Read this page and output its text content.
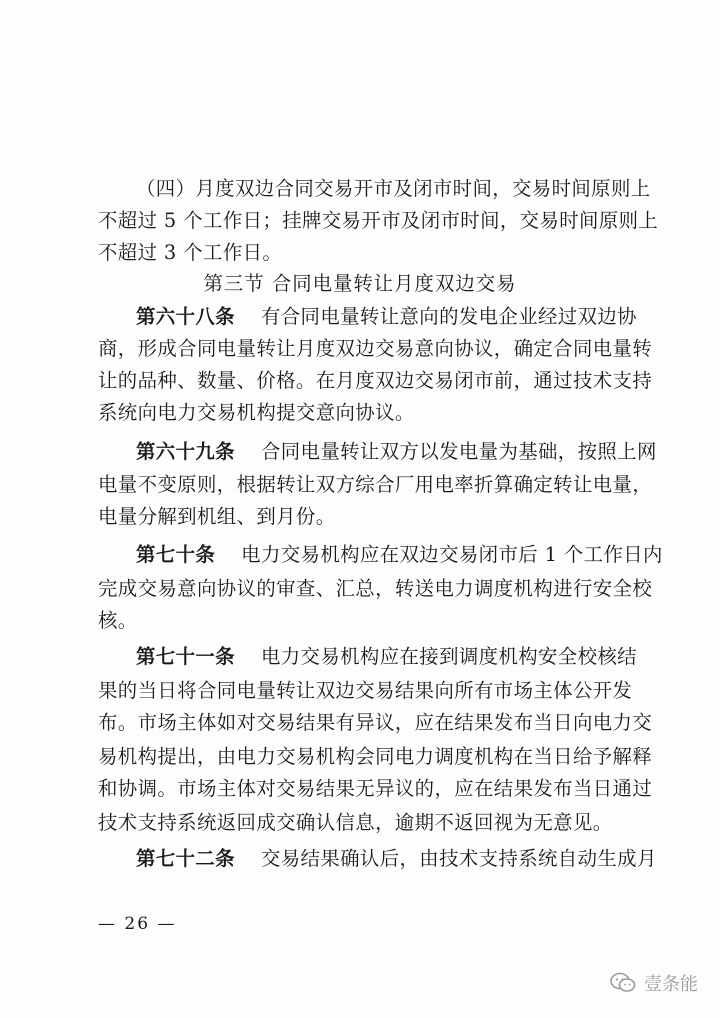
（四）月度双边合同交易开市及闭市时间，交易时间原则上
不超过 5 个工作日；挂牌交易开市及闭市时间，交易时间原则上
不超过 3 个工作日。
第三节 合同电量转让月度双边交易
第六十八条 有合同电量转让意向的发电企业经过双边协
商，形成合同电量转让月度双边交易意向协议，确定合同电量转
让的品种、数量、价格。在月度双边交易闭市前，通过技术支持
系统向电力交易机构提交意向协议。
第六十九条 合同电量转让双方以发电量为基础，按照上网
电量不变原则，根据转让双方综合厂用电率折算确定转让电量，
电量分解到机组、到月份。
第七十条 电力交易机构应在双边交易闭市后 1 个工作日内
完成交易意向协议的审查、汇总，转送电力调度机构进行安全校
核。
第七十一条 电力交易机构应在接到调度机构安全校核结
果的当日将合同电量转让双边交易结果向所有市场主体公开发
布。市场主体如对交易结果有异议，应在结果发布当日向电力交
易机构提出，由电力交易机构会同电力调度机构在当日给予解释
和协调。市场主体对交易结果无异议的，应在结果发布当日通过
技术支持系统返回成交确认信息，逾期不返回视为无意见。
第七十二条 交易结果确认后，由技术支持系统自动生成月
— 26 —
壹条能
